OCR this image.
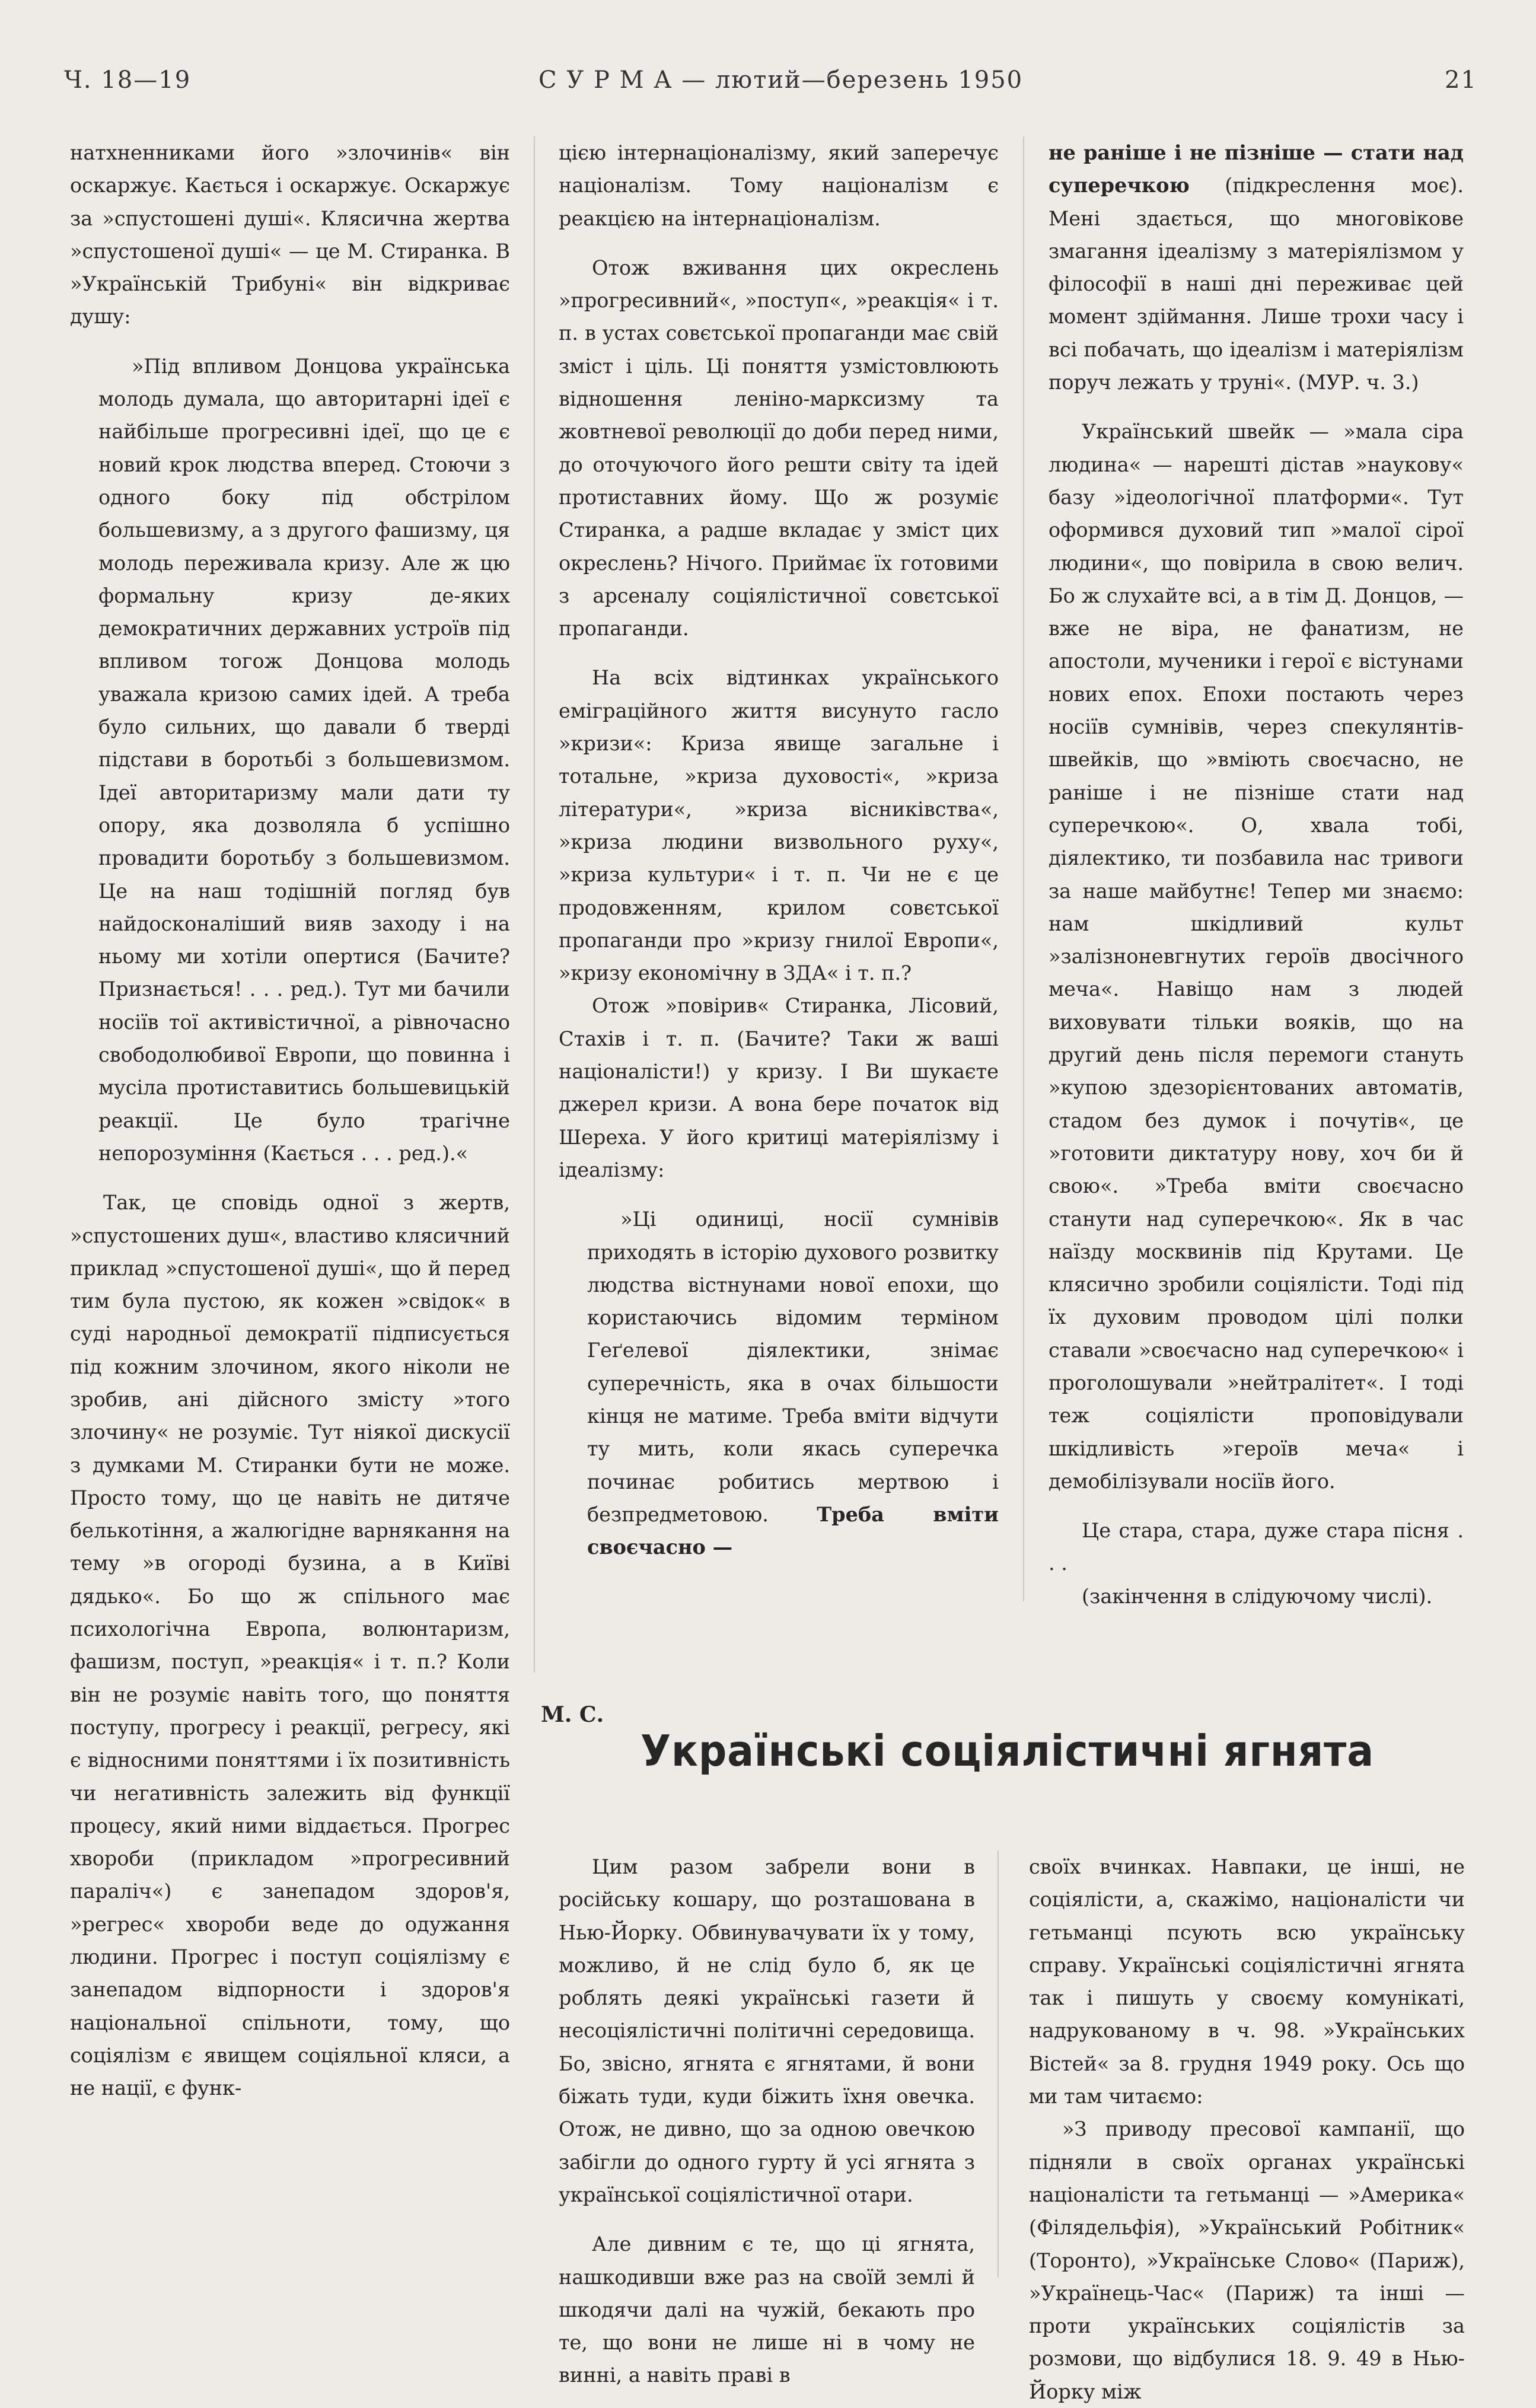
Ч. 18—19	С У Р М А — лютий—березень 1950	21

натхненниками його »злочинів« він оскаржує. Кається і оскаржує. Оскаржує за »спустошені душі«. Клясична жертва »спустошеної душі« — це М. Стиранка. В »Українській Трибуні« він відкриває душу:

»Під впливом Донцова українська молодь думала, що авторитарні ідеї є найбільше прогресивні ідеї, що це є новий крок людства вперед. Стоючи з одного боку під обстрілом большевизму, а з другого фашизму, ця молодь переживала кризу. Але ж цю формальну кризу де-яких демократичних державних устроїв під впливом тогож Донцова молодь уважала кризою самих ідей. А треба було сильних, що давали б тверді підстави в боротьбі з большевизмом. Ідеї авторитаризму мали дати ту опору, яка дозволяла б успішно провадити боротьбу з большевизмом. Це на наш тодішній погляд був найдосконаліший вияв заходу і на ньому ми хотіли опертися (Бачите? Признається! . . . ред.). Тут ми бачили носіїв тої активістичної, а рівночасно свободолюбивої Европи, що повинна і мусіла протиставитись большевицькій реакції. Це було трагічне непорозуміння (Кається . . . ред.).«

Так, це сповідь одної з жертв, »спустошених душ«, властиво клясичний приклад »спустошеної душі«, що й перед тим була пустою, як кожен »свідок« в суді народньої демократії підписується під кожним злочином, якого ніколи не зробив, ані дійсного змісту »того злочину« не розуміє. Тут ніякої дискусії з думками М. Стиранки бути не може. Просто тому, що це навіть не дитяче белькотіння, а жалюгідне варнякання на тему »в огороді бузина, а в Київі дядько«. Бо що ж спільного має психологічна Европа, волюнтаризм, фашизм, поступ, »реакція« і т. п.? Коли він не розуміє навіть того, що поняття поступу, прогресу і реакції, регресу, які є відносними поняттями і їх позитивність чи негативність залежить від функції процесу, який ними віддається. Прогрес хвороби (прикладом »прогресивний параліч«) є занепадом здоров'я, »регрес« хвороби веде до одужання людини. Прогрес і поступ соціялізму є занепадом відпорности і здоров'я національної спільноти, тому, що соціялізм є явищем соціяльної кляси, а не нації, є функ-

цією інтернаціоналізму, який заперечує націоналізм. Тому націоналізм є реакцією на інтернаціоналізм.

Отож вживання цих окреслень »прогресивний«, »поступ«, »реакція« і т. п. в устах совєтської пропаганди має свій зміст і ціль. Ці поняття узмістовлюють відношення леніно-марксизму та жовтневої революції до доби перед ними, до оточуючого його решти світу та ідей протиставних йому. Що ж розуміє Стиранка, а радше вкладає у зміст цих окреслень? Нічого. Приймає їх готовими з арсеналу соціялістичної совєтської пропаганди.

На всіх відтинках українського еміграційного життя висунуто гасло »кризи«: Криза явище загальне і тотальне, »криза духовості«, »криза літератури«, »криза вісниківства«, »криза людини визвольного руху«, »криза культури« і т. п. Чи не є це продовженням, крилом совєтської пропаганди про »кризу гнилої Европи«, »кризу економічну в ЗДА« і т. п.?

Отож »повірив« Стиранка, Лісовий, Стахів і т. п. (Бачите? Таки ж ваші націоналісти!) у кризу. І Ви шукаєте джерел кризи. А вона бере початок від Шереха. У його критиці матеріялізму і ідеалізму:

»Ці одиниці, носії сумнівів приходять в історію духового розвитку людства вістнунами нової епохи, що користаючись відомим терміном Геґелевої діялектики, знімає суперечність, яка в очах більшости кінця не матиме. Треба вміти відчути ту мить, коли якась суперечка починає робитись мертвою і безпредметовою. Треба вміти своєчасно —

не раніше і не пізніше — стати над суперечкою (підкреслення моє). Мені здається, що многовікове змагання ідеалізму з матеріялізмом у філософії в наші дні переживає цей момент здіймання. Лише трохи часу і всі побачать, що ідеалізм і матеріялізм поруч лежать у труні«. (МУР. ч. 3.)

Український швейк — »мала сіра людина« — нарешті дістав »наукову« базу »ідеологічної платформи«. Тут оформився духовий тип »малої сірої людини«, що повірила в свою велич. Бо ж слухайте всі, а в тім Д. Донцов, — вже не віра, не фанатизм, не апостоли, мученики і герої є вістунами нових епох. Епохи постають через носіїв сумнівів, через спекулянтів-швейків, що »вміють своєчасно, не раніше і не пізніше стати над суперечкою«. О, хвала тобі, діялектико, ти позбавила нас тривоги за наше майбутнє! Тепер ми знаємо: нам шкідливий культ »залізноневгнутих героїв двосічного меча«. Навіщо нам з людей виховувати тільки вояків, що на другий день після перемоги стануть »купою здезорієнтованих автоматів, стадом без думок і почутів«, це »готовити диктатуру нову, хоч би й свою«. »Треба вміти своєчасно станути над суперечкою«. Як в час наїзду москвинів під Крутами. Це клясично зробили соціялісти. Тоді під їх духовим проводом цілі полки ставали »своєчасно над суперечкою« і проголошували »нейтралітет«. І тоді теж соціялісти проповідували шкідливість »героїв меча« і демобілізували носіїв його.

Це стара, стара, дуже стара пісня . . .

(закінчення в слідуючому числі).

М. С.
Українські соціялістичні ягнята

Цим разом забрели вони в російську кошару, що розташована в Нью-Йорку. Обвинувачувати їх у тому, можливо, й не слід було б, як це роблять деякі українські газети й несоціялістичні політичні середовища. Бо, звісно, ягнята є ягнятами, й вони біжать туди, куди біжить їхня овечка. Отож, не дивно, що за одною овечкою забігли до одного гурту й усі ягнята з української соціялістичної отари.

Але дивним є те, що ці ягнята, нашкодивши вже раз на своїй землі й шкодячи далі на чужій, бекають про те, що вони не лише ні в чому не винні, а навіть праві в

своїх вчинках. Навпаки, це інші, не соціялісти, а, скажімо, націоналісти чи гетьманці псують всю українську справу. Українські соціялістичні ягнята так і пишуть у своєму комунікаті, надрукованому в ч. 98. »Українських Вістей« за 8. грудня 1949 року. Ось що ми там читаємо:

»З приводу пресової кампанії, що підняли в своїх органах українські націоналісти та гетьманці — »Америка« (Філядельфія), »Український Робітник« (Торонто), »Українське Слово« (Париж), »Українець-Час« (Париж) та інші — проти українських соціялістів за розмови, що відбулися 18. 9. 49 в Нью-Йорку між
